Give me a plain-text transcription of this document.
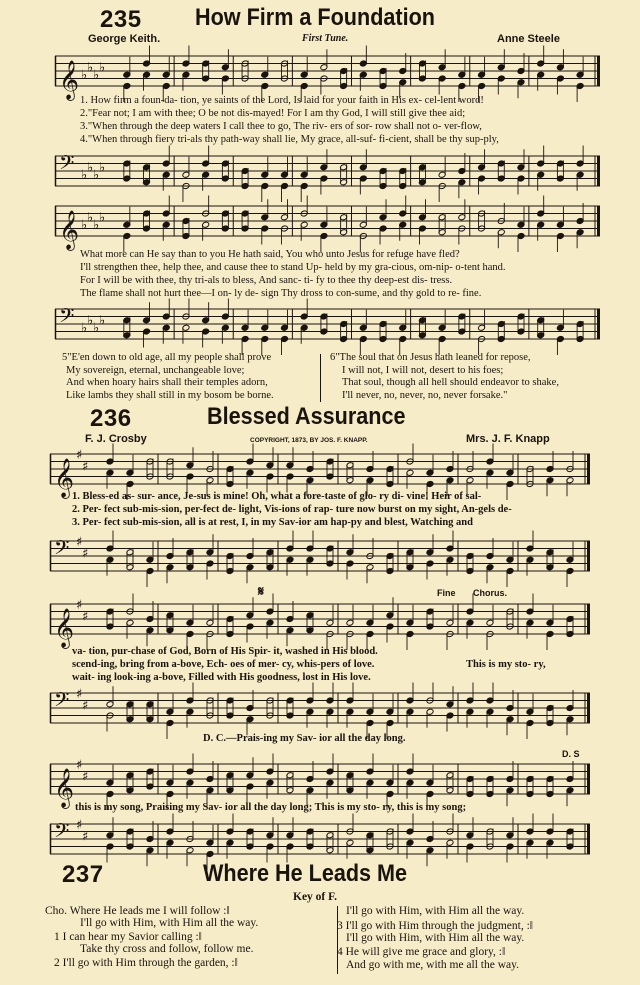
235 How Firm a Foundation
George Keith.	First Tune.	Anne Steele
𝄞 ♭ ♭ ♭ ♭
1. How firm a foun-da- tion, ye saints of the Lord, Is laid for your faith in His ex- cel-lent word!
2."Fear not; I am with thee; O be not dis-mayed! For I am thy God, I will still give thee aid;
3."When through the deep waters I call thee to go, The riv- ers of sor- row shall not o- ver-flow,
4."When through fiery tri-als thy path-way shall lie, My grace, all-suf- fi-cient, shall be thy sup-ply,
𝄢 ♭ ♭ ♭ ♭
𝄞 ♭ ♭ ♭ ♭
What more can He say than to you He hath said, You who unto Jesus for refuge have fled?
I'll strengthen thee, help thee, and cause thee to stand Up- held by my gra-cious, om-nip- o-tent hand.
For I will be with thee, thy tri-als to bless, And sanc- ti- fy to thee thy deep-est dis- tress.
The flame shall not hurt thee—I on- ly de- sign Thy dross to con-sume, and thy gold to re- fine.
𝄢 ♭ ♭ ♭ ♭
5"E'en down to old age, all my people shall prove
My sovereign, eternal, unchangeable love;
And when hoary hairs shall their temples adorn,
Like lambs they shall still in my bosom be borne.
6"The soul that on Jesus hath leaned for repose,
I will not, I will not, desert to his foes;
That soul, though all hell should endeavor to shake,
I'll never, no, never, no, never forsake."
236	Blessed Assurance
F. J. Crosby	COPYRIGHT, 1873, BY JOS. F. KNAPP.	Mrs. J. F. Knapp
𝄞
♯
♯
1. Bless-ed as- sur- ance, Je-sus is mine! Oh, what a fore-taste of glo- ry di- vine! Heir of sal-
2. Per- fect sub-mis-sion, per-fect de- light, Vis-ions of rap- ture now burst on my sight, An-gels de-
3. Per- fect sub-mis-sion, all is at rest, I, in my Sav-ior am hap-py and blest, Watching and
𝄢 ♯
♯
𝄋	Fine Chorus.
𝄞
♯
♯
va- tion, pur-chase of God, Born of His Spir- it, washed in His blood.
scend-ing, bring from a-bove, Ech- oes of mer- cy, whis-pers of love.
wait- ing look-ing a-bove, Filled with His goodness, lost in His love.
This is my sto- ry,
𝄢 ♯
♯
D. C.—Prais-ing my Sav- ior all the day long.
D. S
𝄞
♯
♯
this is my song, Praising my Sav- ior all the day long; This is my sto- ry, this is my song;
𝄢 ♯
♯
237	Where He Leads Me
Key of F.
Cho. Where He leads me I will follow :‖
I'll go with Him, with Him all the way.
1 I can hear my Savior calling :‖
Take thy cross and follow, follow me.
2 I'll go with Him through the garden, :‖
I'll go with Him, with Him all the way.
3 I'll go with Him through the judgment, :‖
I'll go with Him, with Him all the way.
4 He will give me grace and glory, :‖
And go with me, with me all the way.
